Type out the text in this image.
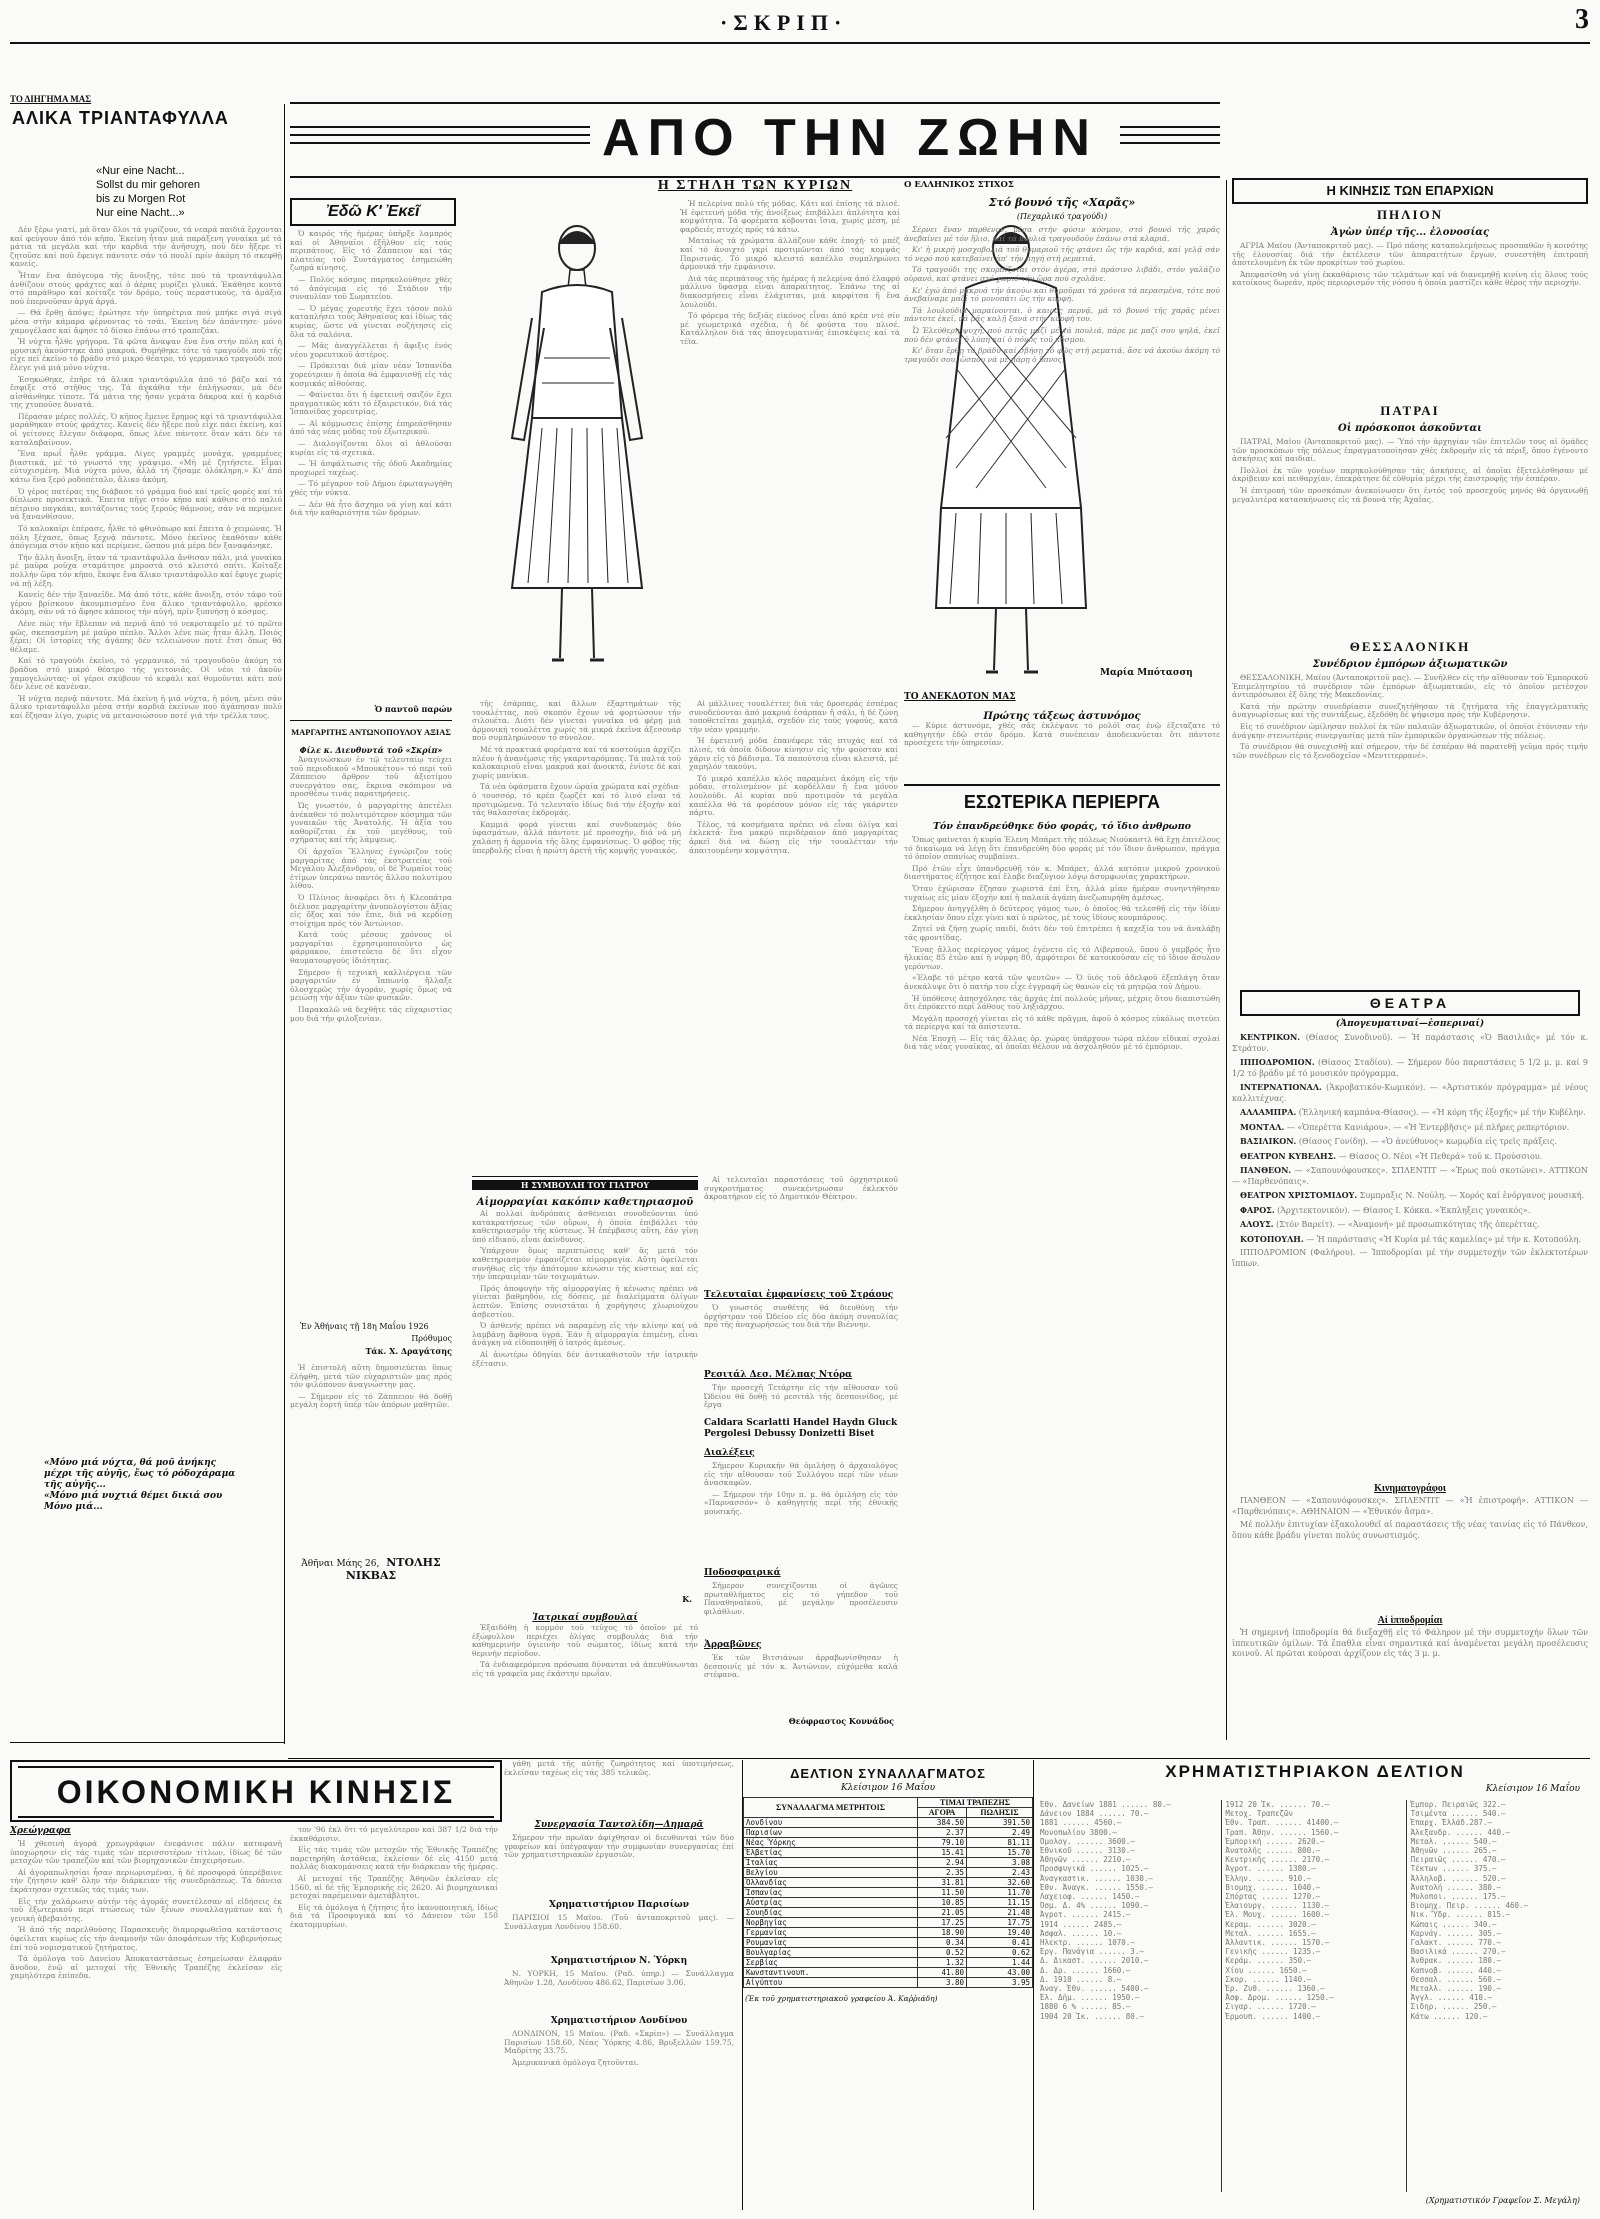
·ΣΚΡΙΠ·	3
ΤΟ ΔΙΗΓΗΜΑ ΜΑΣ
ΑΛΙΚΑ ΤΡΙΑΝΤΑΦΥΛΛΑ
«Nur eine Nacht...
Sollst du mir gehoren
bis zu Morgen Rot
Nur eine Nacht...»

Δέν ξέρω γιατί, μά ὅταν ὅλοι τά γυρίζουν, τά νεαρά παιδιά ἔρχονται καί φεύγουν ἀπό τόν κῆπο. Ἐκείνη ἦταν μιά παράξενη γυναίκα μέ τά μάτια τά μεγάλα καί τήν καρδιά τήν ἀνήσυχη, ποῦ δέν ἤξερε τί ζητοῦσε καί ποῦ ἔφευγε πάντοτε σάν τό πουλί πρίν ἀκόμη τό σκεφθῇ κανείς.

Ἦταν ἕνα ἀπόγευμα τῆς ἄνοιξης, τότε πού τά τριαντάφυλλα ἀνθίζουν στούς φράχτες καί ὁ ἀέρας μυρίζει γλυκά. Ἐκάθησε κοντά στό παράθυρο καί κοίταζε τόν δρόμο, τούς περαστικούς, τά ἀμάξια πού ἐπερνοῦσαν ἀργά ἀργά.

— Θά ἔρθῃ ἀπόψε; ἐρώτησε τήν ὑπηρέτρια πού μπήκε σιγά σιγά μέσα στήν κάμαρα φέρνοντας τό τσάι. Ἐκείνη δέν ἀπάντησε· μόνο χαμογέλασε καί ἄφησε τό δίσκο ἐπάνω στό τραπεζάκι.

Ἡ νύχτα ἦλθε γρήγορα. Τά φῶτα ἄναψαν ἕνα ἕνα στήν πόλη καί ἡ μουσική ἀκούστηκε ἀπό μακρυά. Θυμήθηκε τότε τό τραγούδι πού τῆς εἶχε πεῖ ἐκεῖνο τό βράδυ στό μικρό θέατρο, τό γερμανικό τραγούδι πού ἔλεγε γιά μιά μόνο νύχτα.

Ἐσηκώθηκε, ἐπῆρε τά ἄλικα τριαντάφυλλα ἀπό τό βάζο καί τά ἔσφιξε στό στῆθος της. Τά ἀγκάθια τήν ἐπλήγωσαν, μά δέν αἰσθάνθηκε τίποτε. Τά μάτια της ἦσαν γεμάτα δάκρυα καί ἡ καρδιά της χτυποῦσε δυνατά.

Πέρασαν μέρες πολλές. Ὁ κῆπος ἔμεινε ἔρημος καί τά τριαντάφυλλα μαράθηκαν στούς φράχτες. Κανείς δέν ἤξερε ποῦ εἶχε πάει ἐκείνη, καί οἱ γείτονες ἔλεγαν διάφορα, ὅπως λένε πάντοτε ὅταν κάτι δέν τό καταλαβαίνουν.

Ἕνα πρωΐ ἦλθε γράμμα. Λίγες γραμμές μονάχα, γραμμένες βιαστικά, μέ τό γνωστό της γράψιμο. «Μή μέ ζητήσετε. Εἶμαι εὐτυχισμένη. Μιά νύχτα μόνο, ἀλλά τή ζήσαμε ὁλόκληρη.» Κι' ἀπό κάτω ἕνα ξερό ροδοπέταλο, ἄλικο ἀκόμη.

Ὁ γέρος πατέρας της διάβασε τό γράμμα δυό καί τρεῖς φορές καί τό δίπλωσε προσεκτικά. Ἔπειτα πῆγε στόν κῆπο καί κάθισε στό παλιό πέτρινο παγκάκι, κοιτάζοντας τούς ξερούς θάμνους, σάν νά περίμενε νά ξανανθίσουν.

Τό καλοκαίρι ἐπέρασε, ἦλθε τό φθινόπωρο καί ἔπειτα ὁ χειμώνας. Ἡ πόλη ξέχασε, ὅπως ξεχνᾷ πάντοτε. Μόνο ἐκεῖνος ἐκαθόταν κάθε ἀπόγευμα στόν κῆπο καί περίμενε, ὥσπου μιά μέρα δέν ξαναφάνηκε.

Τήν ἄλλη ἄνοιξη, ὅταν τά τριαντάφυλλα ἄνθισαν πάλι, μιά γυναίκα μέ μαῦρα ροῦχα σταμάτησε μπροστά στό κλειστό σπίτι. Κοίταξε πολλήν ὥρα τόν κῆπο, ἔκοψε ἕνα ἄλικο τριαντάφυλλο καί ἔφυγε χωρίς νά πῇ λέξη.

Κανείς δέν τήν ξαναεῖδε. Μά ἀπό τότε, κάθε ἄνοιξη, στόν τάφο τοῦ γέρου βρίσκουν ἀκουμπισμένο ἕνα ἄλικο τριαντάφυλλο, φρέσκο ἀκόμη, σάν νά τό ἄφησε κάποιος τήν αὐγή, πρίν ξυπνήσῃ ὁ κόσμος.

Λένε πώς τήν ἔβλεπαν νά περνᾷ ἀπό τό νεκροταφεῖο μέ τό πρῶτο φῶς, σκεπασμένη μέ μαῦρο πέπλο. Ἄλλοι λένε πώς ἦταν ἄλλη. Ποιός ξέρει; Οἱ ἱστορίες τῆς ἀγάπης δέν τελειώνουν ποτέ ἔτσι ὅπως θά θέλαμε.

Καί τό τραγούδι ἐκεῖνο, τό γερμανικό, τό τραγουδοῦν ἀκόμη τά βράδυα στό μικρό θέατρο τῆς γειτονιᾶς. Οἱ νέοι τό ἀκοῦν χαμογελώντας· οἱ γέροι σκύβουν τό κεφάλι καί θυμοῦνται κάτι πού δέν λένε σέ κανέναν.

Ἡ νύχτα περνᾷ πάντοτε. Μά ἐκείνη ἡ μιά νύχτα, ἡ μόνη, μένει σάν ἄλικο τριαντάφυλλο μέσα στήν καρδιά ἐκείνων πού ἀγάπησαν πολύ καί ἔζησαν λίγο, χωρίς νά μετανοιώσουν ποτέ γιά τήν τρέλλα τους.

«Μόνο μιά νύχτα, θά μοῦ ἀνήκης
μέχρι τῆς αὐγῆς, ἔως τό ρόδοχάραμα
τῆς αὐγῆς...
«Μόνο μιά νυχτιά θέμει δικιά σου
Μόνο μιά...
ΑΠΟ ΤΗΝ ΖΩΗΝ
Η ΣΤΗΛΗ ΤΩΝ ΚΥΡΙΩΝ
Ἐδῶ Κ' Ἐκεῖ

Ὁ καιρός τῆς ἡμέρας ὑπῆρξε λαμπρός καί οἱ Ἀθηναῖοι ἐξῆλθον εἰς τούς περιπάτους. Εἰς τό Ζάππειον καί τάς πλατείας τοῦ Συντάγματος ἐσημειώθη ζωηρά κίνησις.

— Πολύς κόσμος παρηκολούθησε χθές τό ἀπόγευμα εἰς τό Στάδιον τήν συναυλίαν τοῦ Σωματείου.

— Ὁ μέγας χορευτής ἔχει τόσον πολύ καταπλήσει τούς Ἀθηναίους καί ἰδίως τάς κυρίας, ὥστε νά γίνεται συζήτησις εἰς ὅλα τά σαλόνια.

— Μᾶς ἀναγγέλλεται ἡ ἄφιξις ἑνός νέου χορευτικοῦ ἀστέρος.

— Πρόκειται διά μίαν νέαν Ἱσπανίδα χορεύτριαν ἡ ὁποία θά ἐμφανισθῇ εἰς τάς κοσμικάς αἰθούσας.

— Φαίνεται ὅτι ἡ ἐφετεινή σαιζόν ἔχει πραγματικῶς κάτι τό ἐξαιρετικόν, διά τάς Ἱσπανίδας χορευτρίας.

— Αἱ κόμμωσεις ἐπίσης ἐπηρεάσθησαν ἀπό τάς νέας μόδας τοῦ ἐξωτερικοῦ.

— Διαλογίζονται ὅλοι αἱ ἀθλούσαι κυρίαι εἰς τά σχετικά.

— Ἡ ἀσφάλτωσις τῆς ὁδοῦ Ἀκαδημίας προχωρεῖ ταχέως.

— Τό μέγαρον τοῦ Δήμου ἐφωταγωγήθη χθές τήν νύκτα.

— Δέν θά ἦτο ἄσχημο νά γίνῃ καί κάτι διά τήν καθαριότητα τῶν δρόμων.

Ὁ παντοῦ παρών
ΜΑΡΓΑΡΙΤΗΣ ΑΝΤΩΝΟΠΟΥΛΟΥ ΑΞΙΑΣ
Φίλε κ. Διευθυντά τοῦ «Σκρίπ»

Ἀναγινώσκων ἐν τῷ τελευταίῳ τεύχει τοῦ περιοδικοῦ «Μπουκέτου» τό περί τοῦ Ζάππειου ἄρθρον τοῦ ἀξιοτίμου συνεργάτου σας, ἔκρινα σκόπιμον νά προσθέσω τινάς παρατηρήσεις.

Ὡς γνωστόν, ὁ μαργαρίτης ἀπετέλει ἀνέκαθεν τό πολυτιμότερον κόσμημα τῶν γυναικῶν τῆς Ἀνατολῆς. Ἡ ἀξία του καθορίζεται ἐκ τοῦ μεγέθους, τοῦ σχήματος καί τῆς λάμψεως.

Οἱ ἀρχαῖοι Ἕλληνες ἐγνώριζον τούς μαργαρίτας ἀπό τάς ἐκστρατείας τοῦ Μεγάλου Ἀλεξάνδρου, οἱ δέ Ῥωμαῖοι τούς ἐτίμων ὑπεράνω παντός ἄλλου πολυτίμου λίθου.

Ὁ Πλίνιος ἀναφέρει ὅτι ἡ Κλεοπάτρα διέλυσε μαργαρίτην ἀνυπολογίστου ἀξίας εἰς ὄξος καί τόν ἔπιε, διά νά κερδίσῃ στοίχημα πρός τόν Ἀντώνιον.

Κατά τούς μέσους χρόνους οἱ μαργαρῖται ἐχρησιμοποιοῦντο ὡς φάρμακον, ἐπιστεύετο δέ ὅτι εἶχον θαυματουργούς ἰδιότητας.

Σήμερον ἡ τεχνική καλλιέργεια τῶν μαργαριτῶν ἐν Ἰαπωνίᾳ ἤλλαξε ὁλοσχερῶς τήν ἀγοράν, χωρίς ὅμως νά μειώσῃ τήν ἀξίαν τῶν φυσικῶν.

Παρακαλῶ νά δεχθῆτε τάς εὐχαριστίας μου διά τήν φιλοξενίαν.

Ἐν Ἀθήναις τῇ 18η Μαΐου 1926
Πρόθυμος
Τάκ. Χ. Δραγάτσης

Ἡ ἐπιστολή αὕτη δημοσιεύεται ὅπως ἐλήφθη, μετά τῶν εὐχαριστιῶν μας πρός τόν φιλόπονον ἀναγνώστην μας.

— Σήμερον εἰς τό Ζάππειον θά δοθῇ μεγάλη ἑορτή ὑπέρ τῶν ἀπόρων μαθητῶν.

Ἀθῆναι Μάης 26, ΝΤΟΛΗΣ ΝΙΚΒΑΣ

Ἡ πελερίνα πολύ τῆς μόδας. Κάτι καί ἐπίσης τά πλισέ. Ἡ ἐφετεινή μόδα τῆς ἀνοίξεως ἐπιβάλλει ἀπλότητα καί κομψότητα. Τά φορέματα κόβονται ἴσια, χωρίς μέση, μέ φαρδειές πτυχές πρός τά κάτω.

Ματαίως τά χρώματα ἀλλάζουν κάθε ἐποχή· τό μπέζ καί τό ἀνοιχτό γκρί προτιμῶνται ἀπό τάς κομψάς Παρισινάς. Τό μικρό κλειστό καπέλλο συμπληρώνει ἀρμονικά τήν ἐμφάνισιν.

Διά τάς περιπάτους τῆς ἡμέρας ἡ πελερίνα ἀπό ἐλαφρό μάλλινο ὕφασμα εἶναι ἀπαραίτητος. Ἐπάνω της αἱ διακοσμήσεις εἶναι ἐλάχισται, μιά καρφίτσα ἤ ἕνα λουλούδι.

Τό φόρεμα τῆς δεξιᾶς εἰκόνος εἶναι ἀπό κρέπ ντέ σίν μέ γεωμετρικά σχέδια, ἡ δέ φούστα του πλισέ. Κατάλληλον διά τάς ἀπογευματινάς ἐπισκέψεις καί τά τέϊα.

τῆς ἐσάρπας, καί ἄλλων ἐξαρτημάτων τῆς τουαλέττας, ποῦ σκοπόν ἔχουν νά φορτώσουν τήν σιλουέτα. Διότι δέν γίνεται γυναίκα νά φέρῃ μιά ἁρμονική τουαλέττα χωρίς τά μικρά ἐκεῖνα ἀξεσουάρ ποῦ συμπληρώνουν τό σύνολον.

Μέ τά πρακτικά φορέματα καί τά κοστούμια ἀρχίζει πλέον ἡ ἀνανέωσις τῆς γκαρνταρόμπας. Τά παλτά τοῦ καλοκαιριοῦ εἶναι μακρυά καί ἀνοικτά, ἐνίοτε δέ καί χωρίς μανίκια.

Τά νέα ὑφάσματα ἔχουν ὡραία χρώματα καί σχέδια· ὁ τουσσόρ, τό κρέπ ζωρζέτ καί τό λινό εἶναι τά προτιμώμενα. Τό τελευταῖο ἰδίως διά τήν ἐξοχήν καί τάς θαλασσίας ἐκδρομάς.

Καμμιά φορά γίνεται καί συνδυασμός δύο ὑφασμάτων, ἀλλά πάντοτε μέ προσοχήν, διά νά μή χαλάσῃ ἡ ἁρμονία τῆς ὅλης ἐμφανίσεως. Ὁ φόβος τῆς ὑπερβολῆς εἶναι ἡ πρώτη ἀρετή τῆς κομψῆς γυναικός.

Αἱ μάλλινες τουαλέττες διά τάς δροσεράς ἑσπέρας συνοδεύονται ἀπό μακρυά ἐσάρπαν ἤ σάλι, ἡ δέ ζώνη τοποθετεῖται χαμηλά, σχεδόν εἰς τούς γοφούς, κατά τήν νέαν γραμμήν.

Ἡ ἐφετεινή μόδα ἐπανέφερε τάς πτυχάς καί τά πλισέ, τά ὁποῖα δίδουν κίνησιν εἰς τήν φούσταν καί χάριν εἰς τό βάδισμα. Τά παπούτσια εἶναι κλειστά, μέ χαμηλόν τακούνι.

Τό μικρό καπέλλο κλός παραμένει ἀκόμη εἰς τήν μόδαν, στολισμένον μέ κορδέλλαν ἤ ἕνα μόνον λουλούδι. Αἱ κυρίαι ποῦ προτιμοῦν τά μεγάλα καπέλλα θά τά φορέσουν μόνον εἰς τάς γκάρντεν πάρτυ.

Τέλος, τά κοσμήματα πρέπει νά εἶναι ὀλίγα καί ἐκλεκτά· ἕνα μακρύ περιδέραιον ἀπό μαργαρίτας ἀρκεῖ διά νά δώσῃ εἰς τήν τουαλέτταν τήν ἀπαιτουμένην κομψότητα.

Η ΣΥΜΒΟΥΛΗ ΤΟΥ ΓΙΑΤΡΟΥ
Αἱμορραγίαι κακόπιν καθετηριασμοῦ

Αἱ πολλαί ἀνδρόπαις ἀσθένειαι συνοδεύονται ὑπό κατακρατήσεως τῶν οὔρων, ἡ ὁποία ἐπιβάλλει τόν καθετηριασμόν τῆς κύστεως. Ἡ ἐπέμβασις αὕτη, ἐάν γίνῃ ὑπό εἰδικοῦ, εἶναι ἀκίνδυνος.

Ὑπάρχουν ὅμως περιπτώσεις καθ' ἅς μετά τόν καθετηριασμόν ἐμφανίζεται αἱμορραγία. Αὕτη ὀφείλεται συνήθως εἰς τήν ἀπότομον κένωσιν τῆς κύστεως καί εἰς τήν ὑπεραιμίαν τῶν τοιχωμάτων.

Πρός ἀποφυγήν τῆς αἱμορραγίας ἡ κένωσις πρέπει νά γίνεται βαθμηδόν, εἰς δόσεις, μέ διαλείμματα ὀλίγων λεπτῶν. Ἐπίσης συνιστᾶται ἡ χορήγησις χλωριούχου ἀσβεστίου.

Ὁ ἀσθενής πρέπει νά παραμένῃ εἰς τήν κλίνην καί νά λαμβάνῃ ἄφθονα ὑγρά. Ἐάν ἡ αἱμορραγία ἐπιμένῃ, εἶναι ἀνάγκη νά εἰδοποιηθῇ ὁ ἰατρός ἀμέσως.

Αἱ ἀνωτέρω ὁδηγίαι δέν ἀντικαθιστοῦν τήν ἰατρικήν ἐξέτασιν.

Κ.
Ἰατρικαί συμβουλαί

Ἐξαιδόθη ἡ κομμόν τοῦ τεῦχος τό ὁποῖον μέ τό ἐξώφυλλον περιέχει ὀλίγας συμβουλάς διά τήν καθημερινήν ὑγιεινήν τοῦ σώματος, ἰδίως κατά τήν θερινήν περίοδον.

Τά ἐνδιαφερόμενα πρόσωπα δύνανται νά ἀπευθύνωνται εἰς τά γραφεῖα μας ἐκάστην πρωΐαν.

Αἱ τελευταῖαι παραστάσεις τοῦ ὀρχηστρικοῦ συγκροτήματος συνεκέντρωσαν ἐκλεκτόν ἀκροατήριον εἰς τό Δημοτικόν Θέατρον.

Τελευταῖαι ἐμφανίσεις τοῦ Στράους

Ὁ γνωστός συνθέτης θά διευθύνῃ τήν ὀρχήστραν τοῦ Ὠδείου εἰς δύο ἀκόμη συναυλίας πρό τῆς ἀναχωρήσεώς του διά τήν Βιέννην.

Ρεσιτάλ Δεσ. Μέλπας Ντόρα

Τήν προσεχῆ Τετάρτην εἰς τήν αἴθουσαν τοῦ Ὠδείου θά δοθῇ τό ρεσιτάλ τῆς δεσποινίδος, μέ ἔργα

Caldara Scarlatti Handel Haydn Gluck Pergolesi Debussy Donizetti Biset
Διαλέξεις

Σήμερον Κυριακήν θά ὁμιλήσῃ ὁ ἀρχαιολόγος εἰς τήν αἴθουσαν τοῦ Συλλόγου περί τῶν νέων ἀνασκαφῶν.

— Σήμερον τήν 10ην π. μ. θά ὁμιλήσῃ εἰς τόν «Παρνασσόν» ὁ καθηγητής περί τῆς ἐθνικῆς μουσικῆς.

Ποδοσφαιρικά

Σήμερον συνεχίζονται οἱ ἀγῶνες πρωταθλήματος εἰς τό γήπεδον τοῦ Παναθηναϊκοῦ, μέ μεγάλην προσέλευσιν φιλάθλων.

Ἀρραβῶνες

Ἐκ τῶν Βιτσιάνων ἀρραβωνίσθησαν ἡ δεσποινίς μέ τόν κ. Ἀντώνιον, εὐχόμεθα καλά στέφανα.

Θεόφραστος Κοννάδος
Ο ΕΛΛΗΝΙΚΟΣ ΣΤΙΧΟΣ
Στό βουνό τῆς «Χαρᾶς»
(Πεχαρλικό τραγούδι)

Σέρνει ἕναν παρθένον, μέσα στήν φύσιν κόσμον, στό βουνό τῆς χαρᾶς ἀνεβαίνει μέ τόν ἥλιο, καί τά πουλιά τραγουδοῦν ἐπάνω στά κλαριά.

Κι' ἡ μικρή μοσχοβολιά τοῦ θυμαριοῦ τῆς φτάνει ὥς τήν καρδιά, καί γελᾷ σάν τό νερό πού κατεβαίνει ἀπ' τήν πηγή στή ρεματιά.

Τό τραγούδι της σκορπίζεται στόν ἀγέρα, στό πράσινο λιβάδι, στόν γαλάζιο οὐρανό, καί φτάνει στό χωριό τήν ὥρα πού σχολᾶνε.

Κι' ἐγώ ἀπό μακρυά τήν ἀκούω καί θυμοῦμαι τά χρόνια τά περασμένα, τότε πού ἀνεβαίναμε μαζί τό μονοπάτι ὥς τήν κορφή.

Τά λουλούδια μαραίνονται, ὁ καιρός περνᾷ, μά τό βουνό τῆς χαρᾶς μένει πάντοτε ἐκεῖ, νά μᾶς καλῇ ξανά στήν κορφή του.

Ὦ Ἐλεύθερη ψυχή, πού πετᾷς μαζί μέ τά πουλιά, πάρε με μαζί σου ψηλά, ἐκεῖ πού δέν φτάνει ἡ λύπη καί ὁ πόνος τοῦ κόσμου.

Κι' ὅταν ἔρθῃ τό βράδυ καί σβήσῃ τό φῶς στή ρεματιά, ἄσε νά ἀκούω ἀκόμη τό τραγούδι σου, ὥσπου νά μέ πάρῃ ὁ ὕπνος.

Μαρία Μπότασση
ΤΟ ΑΝΕΚΔΟΤΟΝ ΜΑΣ
Πρώτης τάξεως ἀστυνόμος

— Κύριε ἀστυνόμε, χθές σᾶς ἐκλέψανε τό ρολόϊ σας ἐνῷ ἐξεταζατε τό καθηγητήν ἐδῶ στόν δρόμο. Κατά συνέπειαν ἀποδεικνύεται ὅτι πάντοτε προσέχετε τήν ὑπηρεσίαν.

ΕΣΩΤΕΡΙΚΑ ΠΕΡΙΕΡΓΑ
Τόν ἐπανδρεύθηκε δύο φοράς, τό ἴδιο ἀνθρωπο

Ὅπως φαίνεται ἡ κυρία Ἐλενη Μπάρετ τῆς πόλεως Νιούκαστλ θά ἔχῃ ἐπιτέλους τό δικαίωμα νά λέγῃ ὅτι ἐπανδρεύθη δύο φοράς μέ τόν ἴδιον ἄνθρωπον, πράγμα τό ὁποῖον σπανίως συμβαίνει.

Πρό ἐτῶν εἶχε ὑπανδρευθῇ τόν κ. Μπάρετ, ἀλλά κατόπιν μικροῦ χρονικοῦ διαστήματος ἐζήτησε καί ἔλαβε διαζύγιον λόγῳ ἀσυμφωνίας χαρακτήρων.

Ὅταν ἐχώρισαν ἔζησαν χωριστά ἐπί ἔτη, ἀλλά μίαν ἡμέραν συνηντήθησαν τυχαίως εἰς μίαν ἐξοχήν καί ἡ παλαιά ἀγάπη ἀνεζωπυρήθη ἀμέσως.

Σήμερον ἀνηγγέλθη ὁ δεύτερος γάμος των, ὁ ὁποῖος θά τελεσθῇ εἰς τήν ἰδίαν ἐκκλησίαν ὅπου εἶχε γίνει καί ὁ πρῶτος, μέ τούς ἰδίους κουμπάρους.

Ζητεῖ νά ζήσῃ χωρίς παιδί, διότι δέν τοῦ ἐπιτρέπει ἡ καχεξία του νά ἀναλάβῃ τάς φροντίδας.

Ἕνας ἄλλος περίεργος γάμος ἐγένετο εἰς τό Λίβερπουλ, ὅπου ὁ γαμβρός ἦτο ἡλικίας 85 ἐτῶν καί ἡ νύμφη 80, ἀμφότεροι δέ κατοικοῦσαν εἰς τό ἴδιον ἄσυλον γερόντων.

«Ἐλαβε τό μέτρο κατά τῶν ψευτῶν» — Ὁ ὑιός τοῦ ἀδελφοῦ ἐξεπλάγη ὅταν ἀνεκάλυψε ὅτι ὁ πατήρ του εἶχε ἐγγραφῆ ὡς θανών εἰς τά μητρῷα τοῦ Δήμου.

Ἡ ὑπόθεσις ἀπησχόλησε τάς ἀρχάς ἐπί πολλούς μῆνας, μέχρις ὅτου διαπιστώθη ὅτι ἐπρόκειτο περί λάθους τοῦ ληξιάρχου.

Μεγάλη προσοχή γίνεται εἰς τό κάθε πρᾶγμα, ἀφοῦ ὁ κόσμος εὐκόλως πιστεύει τά περίεργα καί τά ἀπίστευτα.

Νέα Ἐποχή — Εἰς τάς ἄλλας ὁρ. χώρας ὑπάρχουν τώρα πλέον εἰδικαί σχολαί διά τάς νέας γυναῖκας, αἱ ὁποῖαι θέλουν νά ἀσχοληθοῦν μέ τό ἐμπόριον.

Η ΚΙΝΗΣΙΣ ΤΩΝ ΕΠΑΡΧΙΩΝ
ΠΗΛΙΟΝ
Ἀγὼν ὑπέρ τῆς... ἐλονοσίας

ΑΓΡΙΑ Μαΐου (Ἀνταποκριτοῦ μας). — Πρό πάσης καταπολεμήσεως προσπαθῶν ἡ κοινότης τῆς ἐλονοσίας διά τήν ἐκτέλεσιν τῶν ἀπαραιτήτων ἔργων, συνεστήθη ἐπιτροπή ἀποτελουμένη ἐκ τῶν προκρίτων τοῦ χωρίου.

Ἀπεφασίσθη νά γίνῃ ἐκκαθάρισις τῶν τελμάτων καί νά διανεμηθῇ κινίνη εἰς ὅλους τούς κατοίκους δωρεάν, πρός περιορισμόν τῆς νόσου ἡ ὁποία μαστίζει κάθε θέρος τήν περιοχήν.

ΠΑΤΡΑΙ
Οἱ πρόσκοποι ἀσκοῦνται

ΠΑΤΡΑΙ, Μαΐου (Ἀνταποκριτοῦ μας). — Ὑπό τήν ἀρχηγίαν τῶν ἐπιτελῶν τους αἱ ὁμάδες τῶν προσκόπων τῆς πόλεως ἐπραγματοποίησαν χθές ἐκδρομήν εἰς τά πέριξ, ὅπου ἐγένοντο ἀσκήσεις καί παιδιαί.

Πολλοί ἐκ τῶν γονέων παρηκολούθησαν τάς ἀσκήσεις, αἱ ὁποῖαι ἐξετελέσθησαν μέ ἀκρίβειαν καί πειθαρχίαν, ἐπεκράτησε δέ εὐθυμία μέχρι τῆς ἐπιστροφῆς τήν ἑσπέραν.

Ἡ ἐπιτροπή τῶν προσκόπων ἀνεκοίνωσεν ὅτι ἐντός τοῦ προσεχοῦς μηνός θά ὀργανωθῇ μεγαλυτέρα κατασκήνωσις εἰς τά βουνά τῆς Ἀχαΐας.

ΘΕΣΣΑΛΟΝΙΚΗ
Συνέδριον ἐμπόρων ἀξιωματικῶν

ΘΕΣΣΑΛΟΝΙΚΗ, Μαΐου (Ἀνταποκριτοῦ μας). — Συνῆλθεν εἰς τήν αἴθουσαν τοῦ Ἐμπορικοῦ Ἐπιμελητηρίου τό συνέδριον τῶν ἐμπόρων ἀξιωματικῶν, εἰς τό ὁποῖον μετέσχον ἀντιπρόσωποι ἐξ ὅλης τῆς Μακεδονίας.

Κατά τήν πρώτην συνεδρίασιν συνεζητήθησαν τά ζητήματα τῆς ἐπαγγελματικῆς ἀναγνωρίσεως καί τῆς συντάξεως, ἐξεδόθη δέ ψήφισμα πρός τήν Κυβέρνησιν.

Εἰς τό συνέδριον ὡμίλησαν πολλοί ἐκ τῶν παλαιῶν ἀξιωματικῶν, οἱ ὁποῖοι ἐτόνισαν τήν ἀνάγκην στενωτέρας συνεργασίας μετά τῶν ἐμπορικῶν ὀργανώσεων τῆς πόλεως.

Τό συνέδριον θά συνεχισθῇ καί σήμερον, τήν δέ ἑσπέραν θά παρατεθῇ γεῦμα πρός τιμήν τῶν συνέδρων εἰς τό ξενοδοχεῖον «Μεντιτερρανέ».

ΘΕΑΤΡΑ
(Ἀπογευματιναί—ἑσπεριναί)

ΚΕΝΤΡΙΚΟΝ. (Θίασος Συνοδινοῦ). — Ἡ παράστασις «Ὁ Βασιλιᾶς» μέ τόν κ. Στράτον.

ΙΠΠΟΔΡΟΜΙΟΝ. (Θίασος Σταδίου). — Σήμερον δύο παραστάσεις 5 1/2 μ. μ. καί 9 1/2 τό βράδυ μέ τό μουσικόν πρόγραμμα.

ΙΝΤΕΡΝΑΤΙΟΝΑΛ. (Ἀκροβατικόν-Κωμικόν). — «Ἀρτιστικόν πρόγραμμα» μέ νέους καλλιτέχνας.

ΑΛΛΑΜΠΡΑ. (Ἑλληνική καμπάνα-Θίασος). — «Ἡ κόρη τῆς ἐξοχῆς» μέ τήν Κυβέλην.

ΜΟΝΤΑΛ. — «Ὁπερέττα Κανιάρου». — «Ἡ Ἐντερβῆσις» μέ πλῆρες ρεπερτόριον.

ΒΑΣΙΛΙΚΟΝ. (Θίασος Γονίδη). — «Ὁ ἀνεύθυνος» κωμῳδία εἰς τρεῖς πράξεις.

ΘΕΑΤΡΟΝ ΚΥΒΕΛΗΣ. — Θίασος Ο. Νέοι «Ἡ Πεθερά» τοῦ κ. Προύσσιου.

ΠΑΝΘΕΟΝ. — «Σαπουνόφουσκες». ΣΠΛΕΝΤΙΤ — «Ἐρως πού σκοτώνει». ΑΤΤΙΚΟΝ — «Παρθενόπαις».

ΘΕΑΤΡΟΝ ΧΡΙΣΤΟΜΙΔΟΥ. Συμπραξις Ν. Νούλη. — Χορός καί ἐνόργανος μουσική.

ΦΑΡΟΣ. (Ἀρχιτεκτονικόν). — Θίασος Ι. Κόκκα. «Ἐκπληξεις γυναικός».

ΑΛΟΥΣ. (Στόν Βαρείτ). — «Ἀναμονή» μέ προσωπικότητας τῆς ὀπερέττας.

ΚΟΤΟΠΟΥΛΗ. — Ἡ παράστασις «Ἡ Κυρία μέ τάς καμελίας» μέ τήν κ. Κοτοπούλη.

ΙΠΠΟΔΡΟΜΙΟΝ (Φαλήρου). — Ἱπποδρομίαι μέ τήν συμμετοχήν τῶν ἐκλεκτοτέρων ἵππων.

Κινηματογράφοι

ΠΑΝΘΕΟΝ — «Σαπουνόφουσκες». ΣΠΛΕΝΤΙΤ — «Ἡ ἐπιστροφή». ΑΤΤΙΚΟΝ — «Παρθενόπαις». ΑΘΗΝΑΙΟΝ — «Ἑθνικόν ἄσμα».

Μέ πολλήν ἐπιτυχίαν ἐξακολουθεῖ αἱ παραστάσεις τῆς νέας ταινίας εἰς τό Πάνθεον, ὅπου κάθε βράδυ γίνεται πολύς συνωστισμός.

Αἱ ἱπποδρομίαι

Ἡ σημερινή ἱπποδρομία θά διεξαχθῇ εἰς τό Φάληρον μέ τήν συμμετοχήν ὅλων τῶν ἱππευτικῶν ὁμίλων. Τά ἔπαθλα εἶναι σημαντικά καί ἀναμένεται μεγάλη προσέλευσις κοινοῦ. Αἱ πρῶται κούρσαι ἀρχίζουν εἰς τάς 3 μ. μ.

ΟΙΚΟΝΟΜΙΚΗ ΚΙΝΗΣΙΣ
Χρεώγραφα

Ἡ χθεσινή ἀγορά χρεωγράφων ἐνεφάνισε πάλιν καταφανῆ ὑποχώρησιν εἰς τάς τιμάς τῶν περισσοτέρων τίτλων, ἰδίως δέ τῶν μετοχῶν τῶν τραπεζῶν καί τῶν βιομηχανικῶν ἐπιχειρήσεων.

Αἱ ἀγοραπωλησίαι ἦσαν περιωρισμέναι, ἡ δέ προσφορά ὑπερέβαινε τήν ζήτησιν καθ' ὅλην τήν διάρκειαν τῆς συνεδριάσεως. Τά δάνεια ἐκράτησαν σχετικῶς τάς τιμάς των.

Εἰς τήν χαλάρωσιν αὐτήν τῆς ἀγορᾶς συνετέλεσαν αἱ εἰδήσεις ἐκ τοῦ ἐξωτερικοῦ περί πτώσεως τῶν ξένων συναλλαγμάτων καί ἡ γενική ἀβεβαιότης.

Ἡ ἀπό τῆς παρελθούσης Παρασκευῆς διαμορφωθεῖσα κατάστασις ὀφείλεται κυρίως εἰς τήν ἀναμονήν τῶν ἀποφάσεων τῆς Κυβερνήσεως ἐπί τοῦ νομισματικοῦ ζητήματος.

Τά ὁμόλογα τοῦ Δανείου Ἀποκαταστάσεως ἐσημείωσαν ἐλαφράν ἄνοδον, ἐνῷ αἱ μετοχαί τῆς Ἐθνικῆς Τραπέζης ἐκλείσαν εἰς χαμηλότερα ἐπίπεδα.

τον '96 ἐκλ ὅτι τό μεγαλύτερον καί 387 1/2 διά τήν ἐκκαθάρισιν.

Εἰς τάς τιμάς τῶν μετοχῶν τῆς Ἐθνικῆς Τραπέζης παρετηρήθη ἀστάθεια, ἐκλείσαν δέ εἰς 4150 μετά πολλάς διακυμάνσεις κατά τήν διάρκειαν τῆς ἡμέρας.

Αἱ μετοχαί τῆς Τραπέζης Ἀθηνῶν ἐκλείσαν εἰς 1560, αἱ δέ τῆς Ἐμπορικῆς εἰς 2620. Αἱ βιομηχανικαί μετοχαί παρέμειναν ἀμετάβλητοι.

Εἰς τά ὁμόλογα ἡ ζήτησις ἦτο ἱκανοποιητική, ἰδίως διά τά Προσφυγικά καί τό Δάνειον τῶν 150 ἑκατομμυρίων.

γάθη μετά τῆς αὐτῆς ζωηρότητος καί ὑποτιμήσεως, ἐκλεῖσαν ταχέως εἰς τάς 385 τελικῶς.

Συνεργασία Ταντσλίδη—Δημαρᾶ

Σήμερον τήν πρωΐαν ἀφίχθησαν οἱ διευθυνταί τῶν δύο γραφείων καί ὑπέγραψαν τήν συμφωνίαν συνεργασίας ἐπί τῶν χρηματιστηριακῶν ἐργασιῶν.

Χρηματιστήριον Παρισίων

ΠΑΡΙΣΙΟΙ 15 Μαΐου. (Τοῦ ἀνταποκριτοῦ μας). — Συνάλλαγμα Λονδίνου 158.60.

Χρηματιστήριον Ν. Ὑόρκη

Ν. ΥΟΡΚΗ, 15 Μαΐου. (Ραδ. ὑπηρ.) — Συνάλλαγμα Ἀθηνῶν 1.28, Λονδίνου 486.62, Παρισίων 3.06.

Χρηματιστήριον Λονδίνου

ΛΟΝΔΙΝΟΝ, 15 Μαΐου. (Ραδ. «Σκρίπ») — Συνάλλαγμα Παρισίων 158.60, Νέας Ὑόρκης 4.86, Βρυξελλῶν 159.75, Μαδρίτης 33.75.

Ἀμερικανικά ὁμόλογα ζητοῦνται.

ΔΕΛΤΙΟΝ ΣΥΝΑΛΛΑΓΜΑΤΟΣ
Κλείσιμον 16 Μαΐου
ΣΥΝΑΛΛΑΓΜΑ ΜΕΤΡΗΤΟΙΣ	ΤΙΜΑΙ ΤΡΑΠΕΖΗΣ	
	ΑΓΟΡΑ	ΠΩΛΗΣΙΣ
Λονδίνου	384.50	391.50
Παρισίων	2.37	2.49
Νέας Ὑόρκης	79.10	81.11
Ἑλβετίας	15.41	15.70
Ἰταλίας	2.94	3.08
Βελγίου	2.35	2.43
Ὁλλανδίας	31.81	32.60
Ἰσπανίας	11.50	11.70
Αὐστρίας	10.85	11.15
Σουηδίας	21.05	21.48
Νορβηγίας	17.25	17.75
Γερμανίας	18.90	19.40
Ρουμανίας	0.34	0.41
Βουλγαρίας	0.52	0.62
Σερβίας	1.32	1.44
Κωνσταντινουπ.	41.80	43.00
Αἰγύπτου	3.80	3.95
(Ἐκ τοῦ χρηματιστηριακοῦ γραφείου Ἀ. Καῤῥιάδη)
ΧΡΗΜΑΤΙΣΤΗΡΙΑΚΟΝ ΔΕΛΤΙΟΝ
Κλείσιμον 16 Μαΐου
Ἐθν. Δανείων 1881 ...... 80.—
Δάνειον 1884 ...... 70.—
1881 ...... 4560.—
Μονοπωλίου 3800.—
Ὁμολογ. ...... 3600.—
Ἐθνικοῦ ...... 3130.—
Ἀθηνῶν ...... 2210.—
Προσφυγικά ...... 1025.—
Ἀναγκαστικ. ...... 1030.—
Ἐθν. Ἀναγκ. ...... 1550.—
Λαχειοφ. ...... 1450.—
Ὀσμ. Δ. 4% ...... 1090.—
Ἀγροτ. ...... 2415.—
1914 ...... 2485.—
Ἀσφαλ. ...... 10.—
Ἠλεκτρ. ...... 1070.—
Ἐργ. Πανάγια ...... 3.—
Δ. Δικαστ. ...... 2010.—
Δ. Δρ. ...... 1660.—
Δ. 1910 ...... 8.—
Ἀναγ. Ἐθν. ...... 5400.—
Ἐλ. Δήμ. ...... 1950.—
1880 6 % ...... 85.—
1904 20 Ἰκ. ...... 80.—
1912 20 Ἰκ. ...... 70.—
Μετοχ. Τραπεζῶν
Ἐθν. Τραπ. ...... 41400.—
Τραπ. Ἀθην. ...... 1560.—
Ἐμπορική ...... 2620.—
Ἀνατολῆς ...... 800.—
Κεντρικῆς ...... 2170.—
Ἀγροτ. ...... 1380.—
Ἑλλην. ...... 910.—
Βιομηχ. ...... 1040.—
Σπόρτας ...... 1270.—
Ἐλαιουργ. ...... 1130.—
Ἐλ. Μουχ. ...... 1600.—
Κεραμ. ...... 3020.—
Μεταλ. ...... 1655.—
Ἀλλαντικ. ...... 1570.—
Γενικῆς ...... 1235.—
Κεράμ. ...... 350.—
Χίου ...... 1650.—
Σκορ. ...... 1140.—
Ἐρ. Ζυθ. ...... 1360.—
Ἀσφ. Δρομ. ...... 1250.—
Σιγαρ. ...... 1720.—
Ἑρμουπ. ...... 1400.—
Ἐμπορ. Πειραιῶς 322.—
Τσιμέντα ...... 540.—
Ἐπαρχ. Ἑλλάδ.287.—
Ἀλεξανδρ. ...... 440.—
Μεταλ. ...... 540.—
Ἀθηνῶν ...... 265.—
Πειραιῶς ...... 470.—
Τέκτων ...... 375.—
Ἀλληλοβ. ...... 520.—
Ἀνατολή ...... 380.—
Μυλοποι. ...... 175.—
Βιομηχ. Πειρ. ...... 460.—
Νικ. Ὕδρ. ...... 815.—
Κώπαις ...... 340.—
Καρνάγ. ...... 305.—
Γαλακτ. ...... 770.—
Βασιλικά ...... 270.—
Ἀνθρακ. ...... 180.—
Καπνοβ. ...... 440.—
Θεσσαλ. ...... 560.—
Μεταλλ. ...... 190.—
Ἀγγλ. ...... 410.—
Σιδηρ. ...... 250.—
Κάτω ...... 120.—
(Χρηματιστικόν Γραφεῖον Σ. Μεγάλη)
